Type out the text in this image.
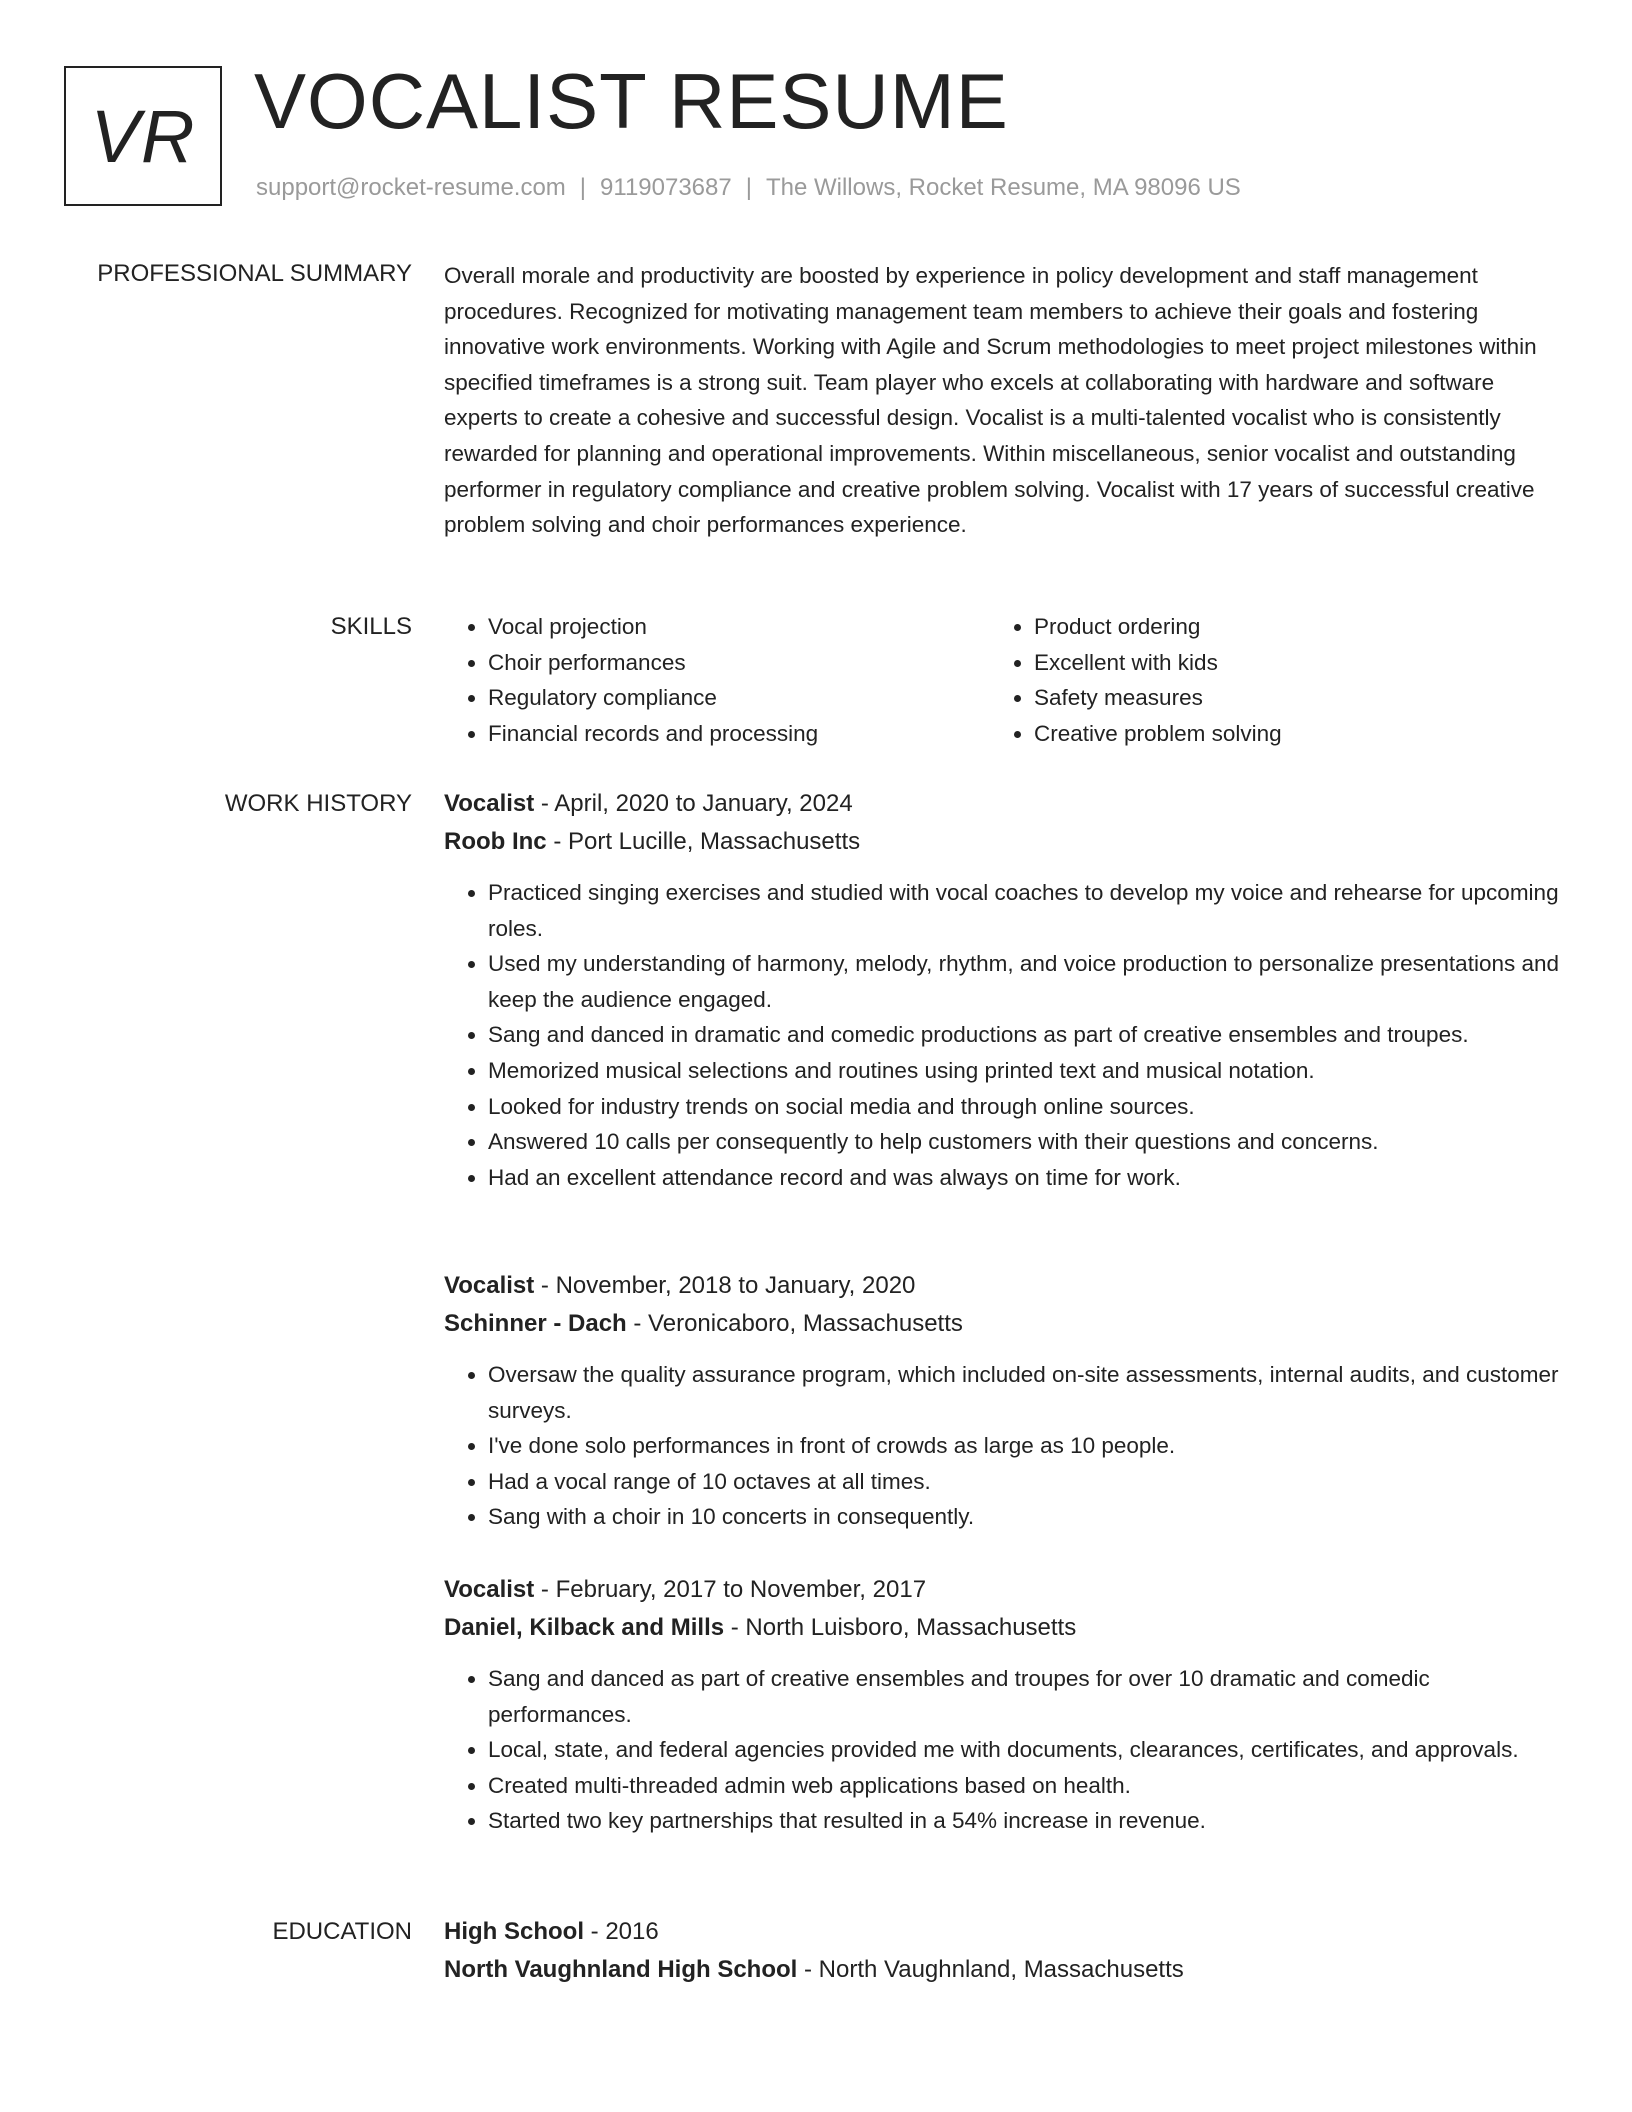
VR VOCALIST RESUME
support@rocket-resume.com | 9119073687 | The Willows, Rocket Resume, MA 98096 US
PROFESSIONAL SUMMARY Overall morale and productivity are boosted by experience in policy development and staff management procedures. Recognized for motivating management team members to achieve their goals and fostering innovative work environments. Working with Agile and Scrum methodologies to meet project milestones within specified timeframes is a strong suit. Team player who excels at collaborating with hardware and software experts to create a cohesive and successful design. Vocalist is a multi-talented vocalist who is consistently rewarded for planning and operational improvements. Within miscellaneous, senior vocalist and outstanding performer in regulatory compliance and creative problem solving. Vocalist with 17 years of successful creative problem solving and choir performances experience.

SKILLS
•	Vocal projection
• Choir performances
• Regulatory compliance
• Financial records and processing
• Product ordering
• Excellent with kids
• Safety measures
• Creative problem solving
WORK HISTORY Vocalist - April, 2020 to January, 2024
Roob Inc - Port Lucille, Massachusetts
• Practiced singing exercises and studied with vocal coaches to develop my voice and rehearse for upcoming roles.
• Used my understanding of harmony, melody, rhythm, and voice production to personalize presentations and keep the audience engaged.
• Sang and danced in dramatic and comedic productions as part of creative ensembles and troupes.
• Memorized musical selections and routines using printed text and musical notation.
• Looked for industry trends on social media and through online sources.
• Answered 10 calls per consequently to help customers with their questions and concerns.
• Had an excellent attendance record and was always on time for work.
Vocalist - November, 2018 to January, 2020
Schinner - Dach - Veronicaboro, Massachusetts
• Oversaw the quality assurance program, which included on-site assessments, internal audits, and customer surveys.
• I've done solo performances in front of crowds as large as 10 people.
• Had a vocal range of 10 octaves at all times.
• Sang with a choir in 10 concerts in consequently.
Vocalist - February, 2017 to November, 2017
Daniel, Kilback and Mills - North Luisboro, Massachusetts
• Sang and danced as part of creative ensembles and troupes for over 10 dramatic and comedic performances.
• Local, state, and federal agencies provided me with documents, clearances, certificates, and approvals.
• Created multi-threaded admin web applications based on health.
• Started two key partnerships that resulted in a 54% increase in revenue.
EDUCATION High School - 2016
North Vaughnland High School - North Vaughnland, Massachusetts
